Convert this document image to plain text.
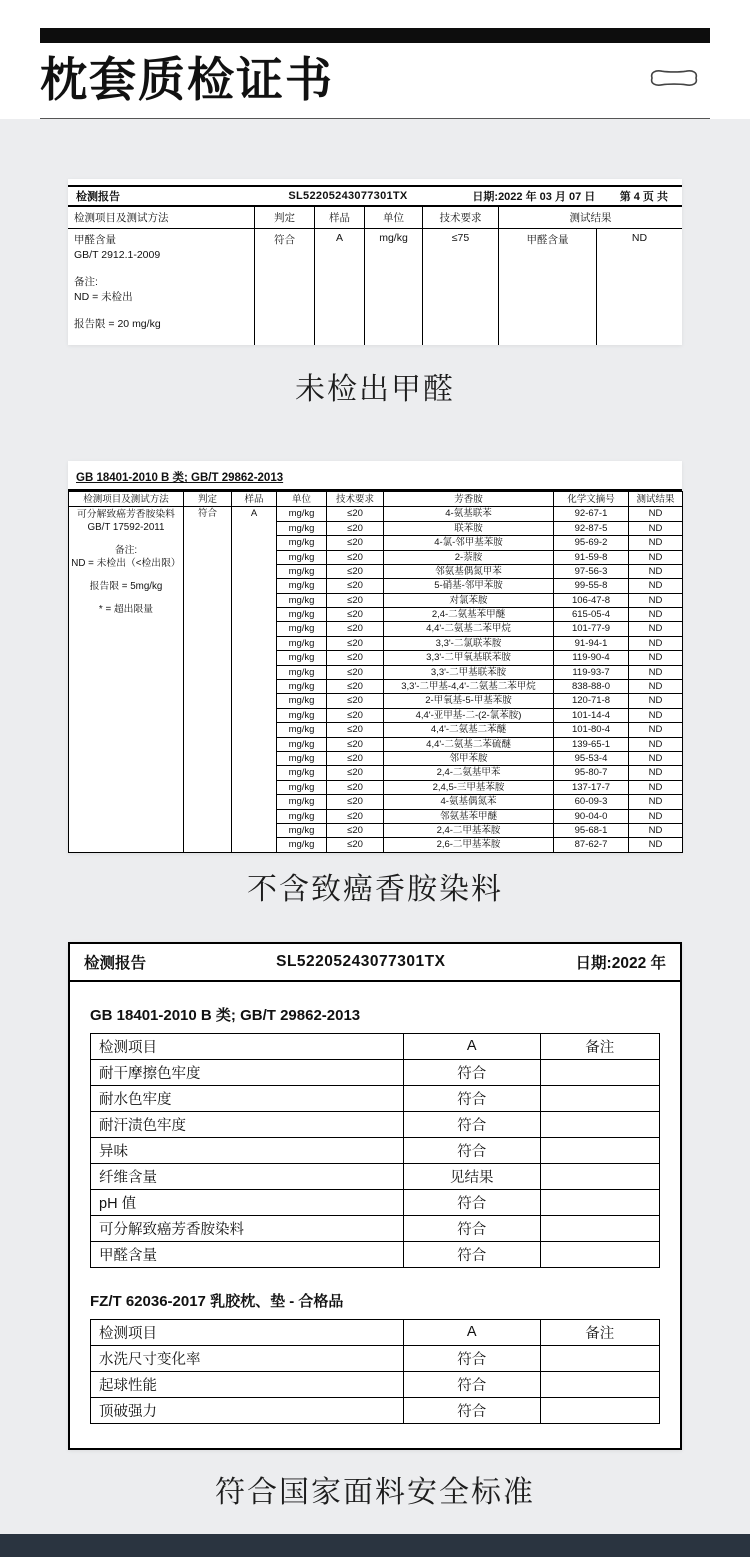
枕套质检证书
检测报告	SL52205243077301TX	日期:2022 年 03 月 07 日	第 4 页 共
检测项目及测试方法	判定	样品	单位	技术要求	测试结果
甲醛含量
GB/T 2912.1-2009
备注:
ND = 未检出
报告限 = 20 mg/kg
符合	A	mg/kg	≤75	甲醛含量	ND
未检出甲醛
GB 18401-2010 B 类; GB/T 29862-2013
检测项目及测试方法	判定	样品	单位	技术要求	芳香胺	化学文摘号	测试结果

可分解致癌芳香胺染料
GB/T 17592-2011
备注:
ND = 未检出（<检出限）
报告限 = 5mg/kg
* = 超出限量
	符合	A	mg/kg	≤20	4-氨基联苯	92-67-1	ND
			mg/kg	≤20	联苯胺	92-87-5	ND
			mg/kg	≤20	4-氯-邻甲基苯胺	95-69-2	ND
			mg/kg	≤20	2-萘胺	91-59-8	ND
			mg/kg	≤20	邻氨基偶氮甲苯	97-56-3	ND
			mg/kg	≤20	5-硝基-邻甲苯胺	99-55-8	ND
			mg/kg	≤20	对氯苯胺	106-47-8	ND
			mg/kg	≤20	2,4-二氨基苯甲醚	615-05-4	ND
			mg/kg	≤20	4,4'-二氨基二苯甲烷	101-77-9	ND
			mg/kg	≤20	3,3'-二氯联苯胺	91-94-1	ND
			mg/kg	≤20	3,3'-二甲氧基联苯胺	119-90-4	ND
			mg/kg	≤20	3,3'-二甲基联苯胺	119-93-7	ND
			mg/kg	≤20	3,3'-二甲基-4,4'-二氨基二苯甲烷	838-88-0	ND
			mg/kg	≤20	2-甲氧基-5-甲基苯胺	120-71-8	ND
			mg/kg	≤20	4,4'-亚甲基-二-(2-氯苯胺)	101-14-4	ND
			mg/kg	≤20	4,4'-二氨基二苯醚	101-80-4	ND
			mg/kg	≤20	4,4'-二氨基二苯硫醚	139-65-1	ND
			mg/kg	≤20	邻甲苯胺	95-53-4	ND
			mg/kg	≤20	2,4-二氨基甲苯	95-80-7	ND
			mg/kg	≤20	2,4,5-三甲基苯胺	137-17-7	ND
			mg/kg	≤20	4-氨基偶氮苯	60-09-3	ND
			mg/kg	≤20	邻氨基苯甲醚	90-04-0	ND
			mg/kg	≤20	2,4-二甲基苯胺	95-68-1	ND
			mg/kg	≤20	2,6-二甲基苯胺	87-62-7	ND
不含致癌香胺染料
检测报告	SL52205243077301TX	日期:2022 年
GB 18401-2010 B 类; GB/T 29862-2013
检测项目	A	备注
耐干摩擦色牢度	符合	
耐水色牢度	符合	
耐汗渍色牢度	符合	
异味	符合	
纤维含量	见结果	
pH 值	符合	
可分解致癌芳香胺染料	符合	
甲醛含量	符合	
FZ/T 62036-2017 乳胶枕、垫 - 合格品
检测项目	A	备注
水洗尺寸变化率	符合	
起球性能	符合	
顶破强力	符合	
符合国家面料安全标准
